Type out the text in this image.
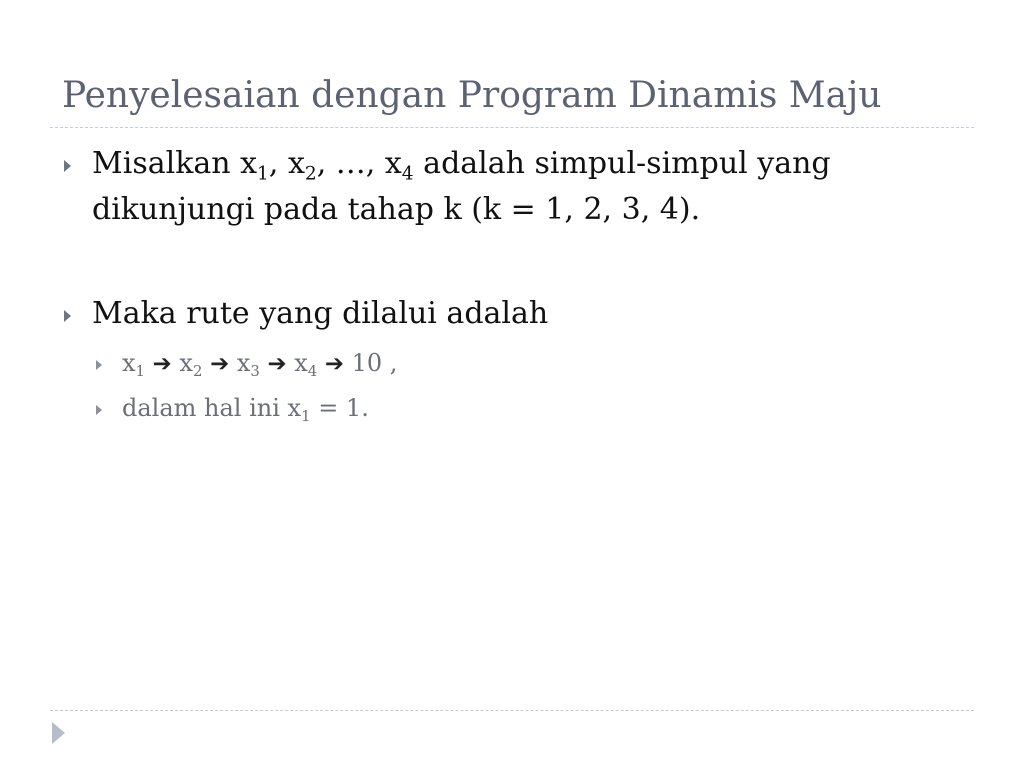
Penyelesaian dengan Program Dinamis Maju
Misalkan $x_1$, $x_2$, …, $x_4$ adalah simpul-simpul yang
dikunjungi pada tahap k (k = 1, 2, 3, 4).
Maka rute yang dilalui adalah
$x_1$ ➔ $x_2$ ➔ $x_3$ ➔ $x_4$ ➔ 10 ,
dalam hal ini $x_1 = 1$.
